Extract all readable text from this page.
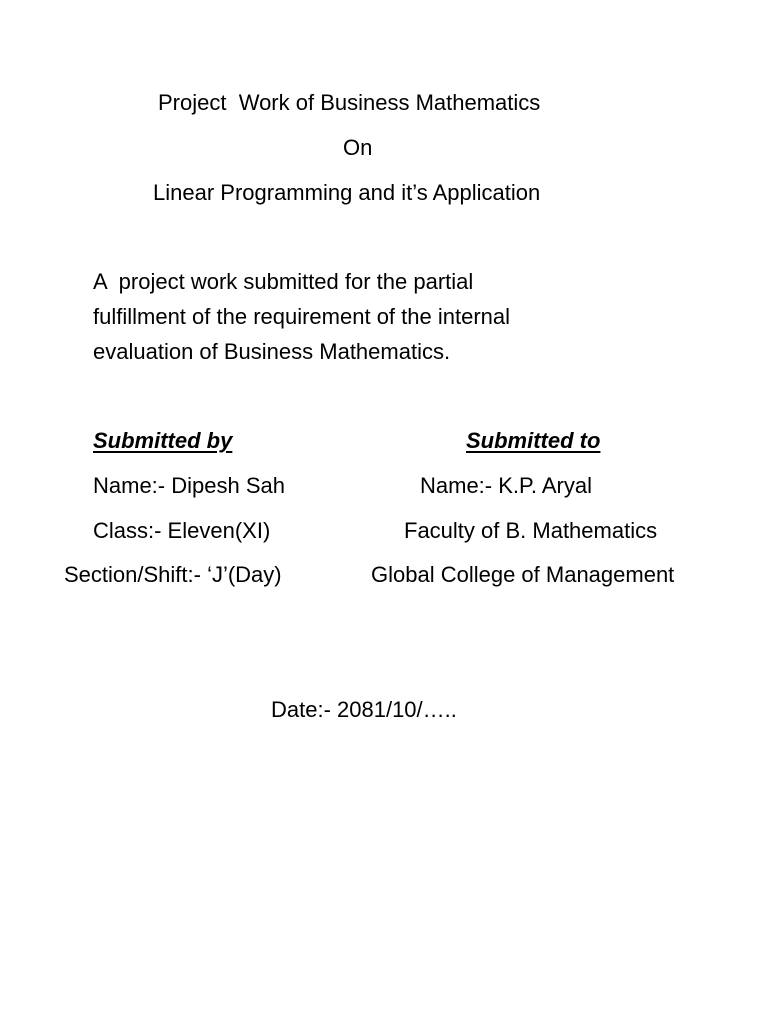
Project  Work of Business Mathematics
On
Linear Programming and it’s Application
A  project work submitted for the partial
fulfillment of the requirement of the internal
evaluation of Business Mathematics.
Submitted by	Submitted to
Name:- Dipesh Sah	Name:- K.P. Aryal
Class:- Eleven(XI)	Faculty of B. Mathematics
Section/Shift:- ‘J’(Day)	Global College of Management
Date:- 2081/10/…..
